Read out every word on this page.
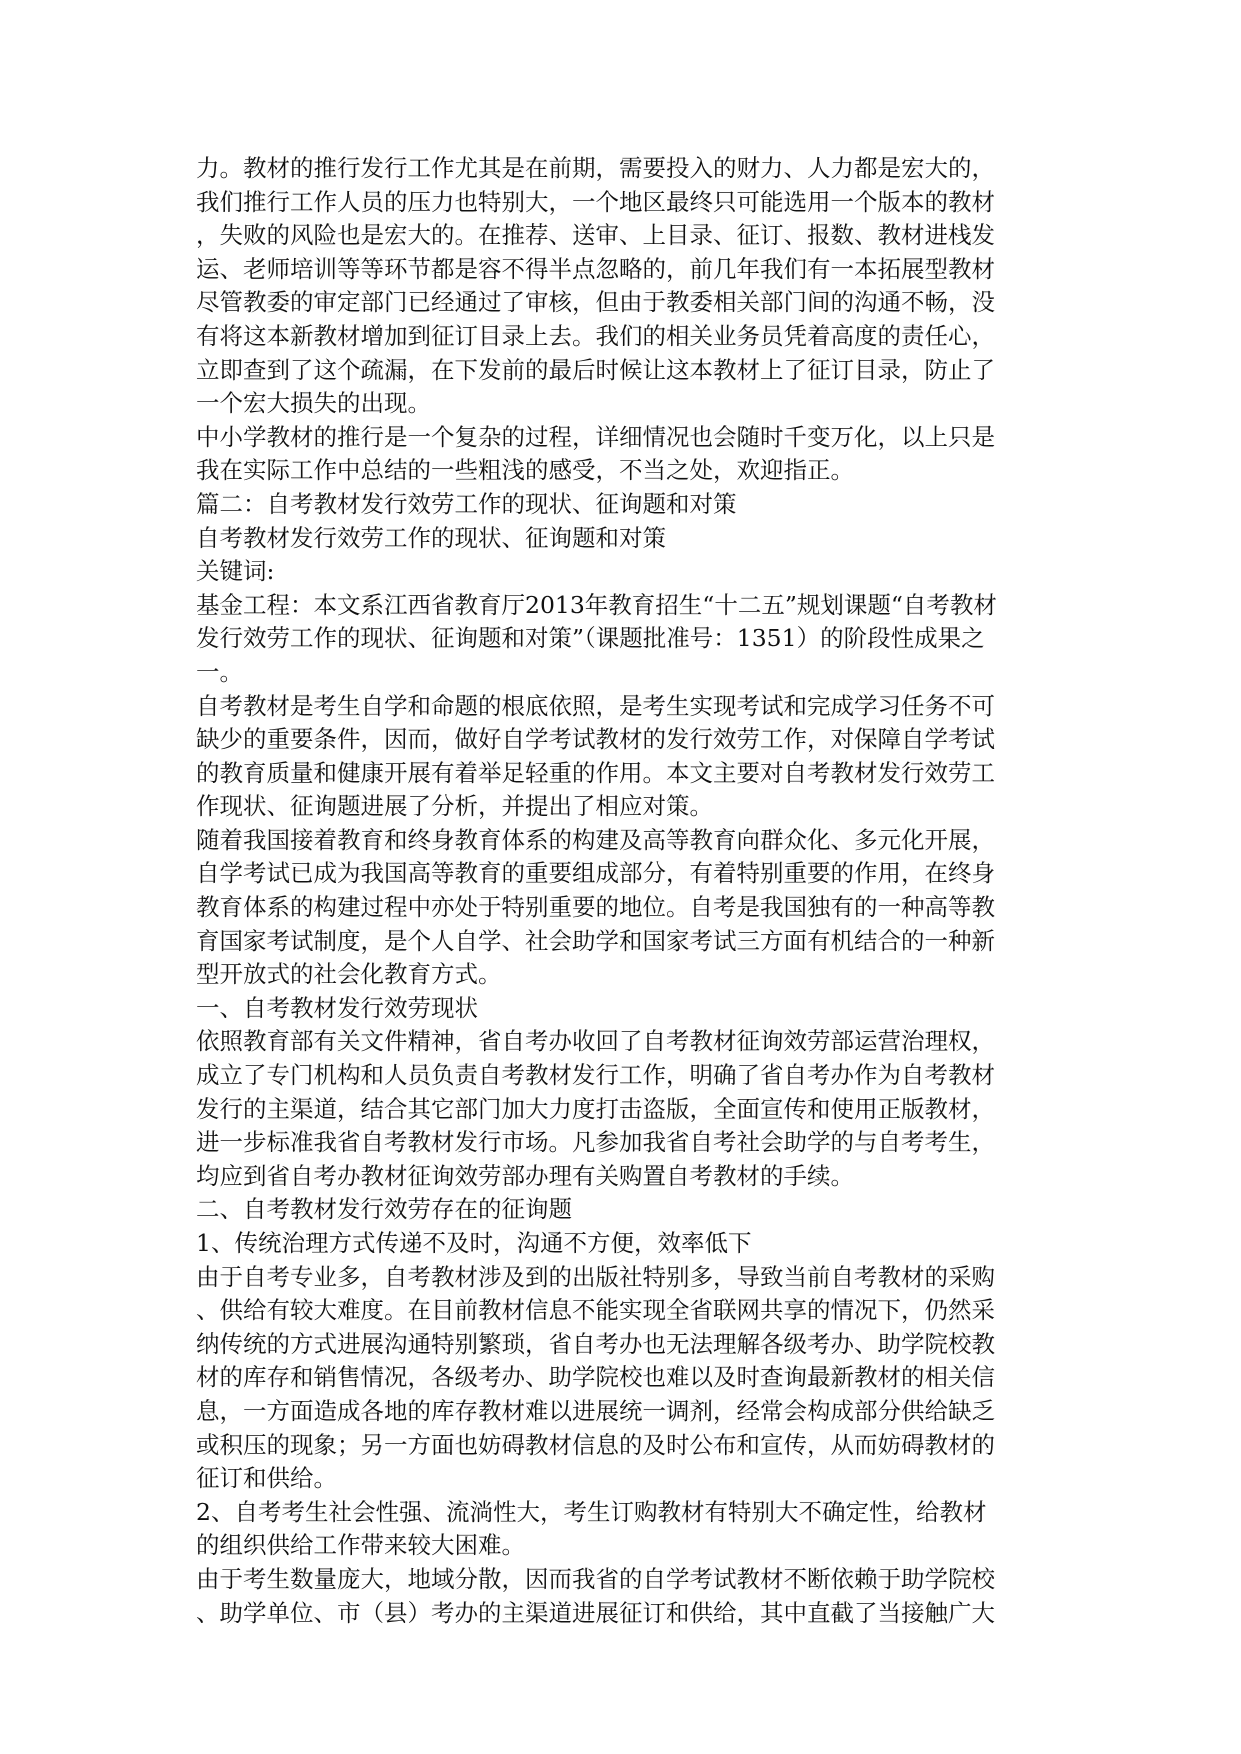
力。教材的推行发行工作尤其是在前期，需要投入的财力、人力都是宏大的，
我们推行工作人员的压力也特别大，一个地区最终只可能选用一个版本的教材
，失败的风险也是宏大的。在推荐、送审、上目录、征订、报数、教材进栈发
运、老师培训等等环节都是容不得半点忽略的，前几年我们有一本拓展型教材
尽管教委的审定部门已经通过了审核，但由于教委相关部门间的沟通不畅，没
有将这本新教材增加到征订目录上去。我们的相关业务员凭着高度的责任心，
立即查到了这个疏漏，在下发前的最后时候让这本教材上了征订目录，防止了
一个宏大损失的出现。
中小学教材的推行是一个复杂的过程，详细情况也会随时千变万化，以上只是
我在实际工作中总结的一些粗浅的感受，不当之处，欢迎指正。
篇二：自考教材发行效劳工作的现状、征询题和对策
自考教材发行效劳工作的现状、征询题和对策
关键词:
基金工程：本文系江西省教育厅2013年教育招生“十二五”规划课题“自考教材
发行效劳工作的现状、征询题和对策”（课题批准号：1351）的阶段性成果之
一。
自考教材是考生自学和命题的根底依照，是考生实现考试和完成学习任务不可
缺少的重要条件，因而，做好自学考试教材的发行效劳工作，对保障自学考试
的教育质量和健康开展有着举足轻重的作用。本文主要对自考教材发行效劳工
作现状、征询题进展了分析，并提出了相应对策。
随着我国接着教育和终身教育体系的构建及高等教育向群众化、多元化开展，
自学考试已成为我国高等教育的重要组成部分，有着特别重要的作用，在终身
教育体系的构建过程中亦处于特别重要的地位。自考是我国独有的一种高等教
育国家考试制度，是个人自学、社会助学和国家考试三方面有机结合的一种新
型开放式的社会化教育方式。
一、自考教材发行效劳现状
依照教育部有关文件精神，省自考办收回了自考教材征询效劳部运营治理权，
成立了专门机构和人员负责自考教材发行工作，明确了省自考办作为自考教材
发行的主渠道，结合其它部门加大力度打击盗版，全面宣传和使用正版教材，
进一步标准我省自考教材发行市场。凡参加我省自考社会助学的与自考考生，
均应到省自考办教材征询效劳部办理有关购置自考教材的手续。
二、自考教材发行效劳存在的征询题
1、传统治理方式传递不及时，沟通不方便，效率低下
由于自考专业多，自考教材涉及到的出版社特别多，导致当前自考教材的采购
、供给有较大难度。在目前教材信息不能实现全省联网共享的情况下，仍然采
纳传统的方式进展沟通特别繁琐，省自考办也无法理解各级考办、助学院校教
材的库存和销售情况，各级考办、助学院校也难以及时查询最新教材的相关信
息，一方面造成各地的库存教材难以进展统一调剂，经常会构成部分供给缺乏
或积压的现象；另一方面也妨碍教材信息的及时公布和宣传，从而妨碍教材的
征订和供给。
2、自考考生社会性强、流淌性大，考生订购教材有特别大不确定性，给教材
的组织供给工作带来较大困难。
由于考生数量庞大，地域分散，因而我省的自学考试教材不断依赖于助学院校
、助学单位、市（县）考办的主渠道进展征订和供给，其中直截了当接触广大
